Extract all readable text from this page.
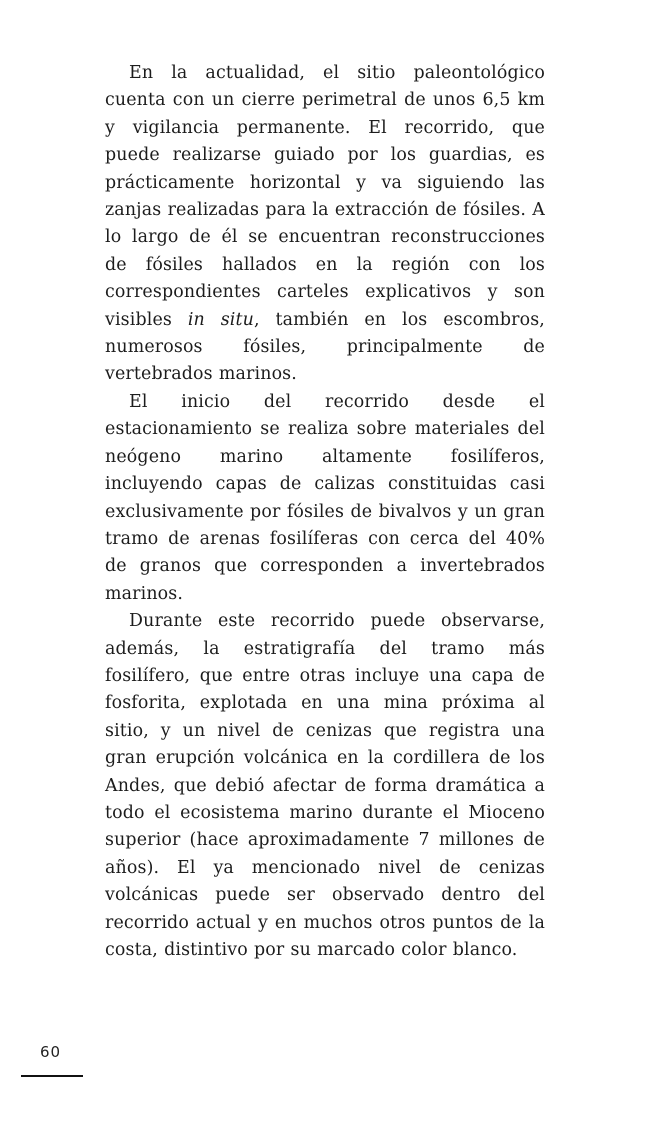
En la actualidad, el sitio paleontológico cuenta con un cierre perimetral de unos 6,5 km y vigilancia permanente. El recorrido, que puede realizarse guiado por los guardias, es prácticamente horizontal y va siguiendo las zanjas realizadas para la extracción de fósiles. A lo largo de él se encuentran reconstrucciones de fósiles hallados en la región con los correspondientes carteles explicativos y son visibles in situ, también en los escombros, numerosos fósiles, principalmente de vertebrados marinos.

El inicio del recorrido desde el estacionamiento se realiza sobre materiales del neógeno marino altamente fosilíferos, incluyendo capas de calizas constituidas casi exclusivamente por fósiles de bivalvos y un gran tramo de arenas fosilíferas con cerca del 40% de granos que corresponden a invertebrados marinos.

Durante este recorrido puede observarse, además, la estratigrafía del tramo más fosilífero, que entre otras incluye una capa de fosforita, explotada en una mina próxima al sitio, y un nivel de cenizas que registra una gran erupción volcánica en la cordillera de los Andes, que debió afectar de forma dramática a todo el ecosistema marino durante el Mioceno superior (hace aproximadamente 7 millones de años). El ya mencionado nivel de cenizas volcánicas puede ser observado dentro del recorrido actual y en muchos otros puntos de la costa, distintivo por su marcado color blanco.

60
